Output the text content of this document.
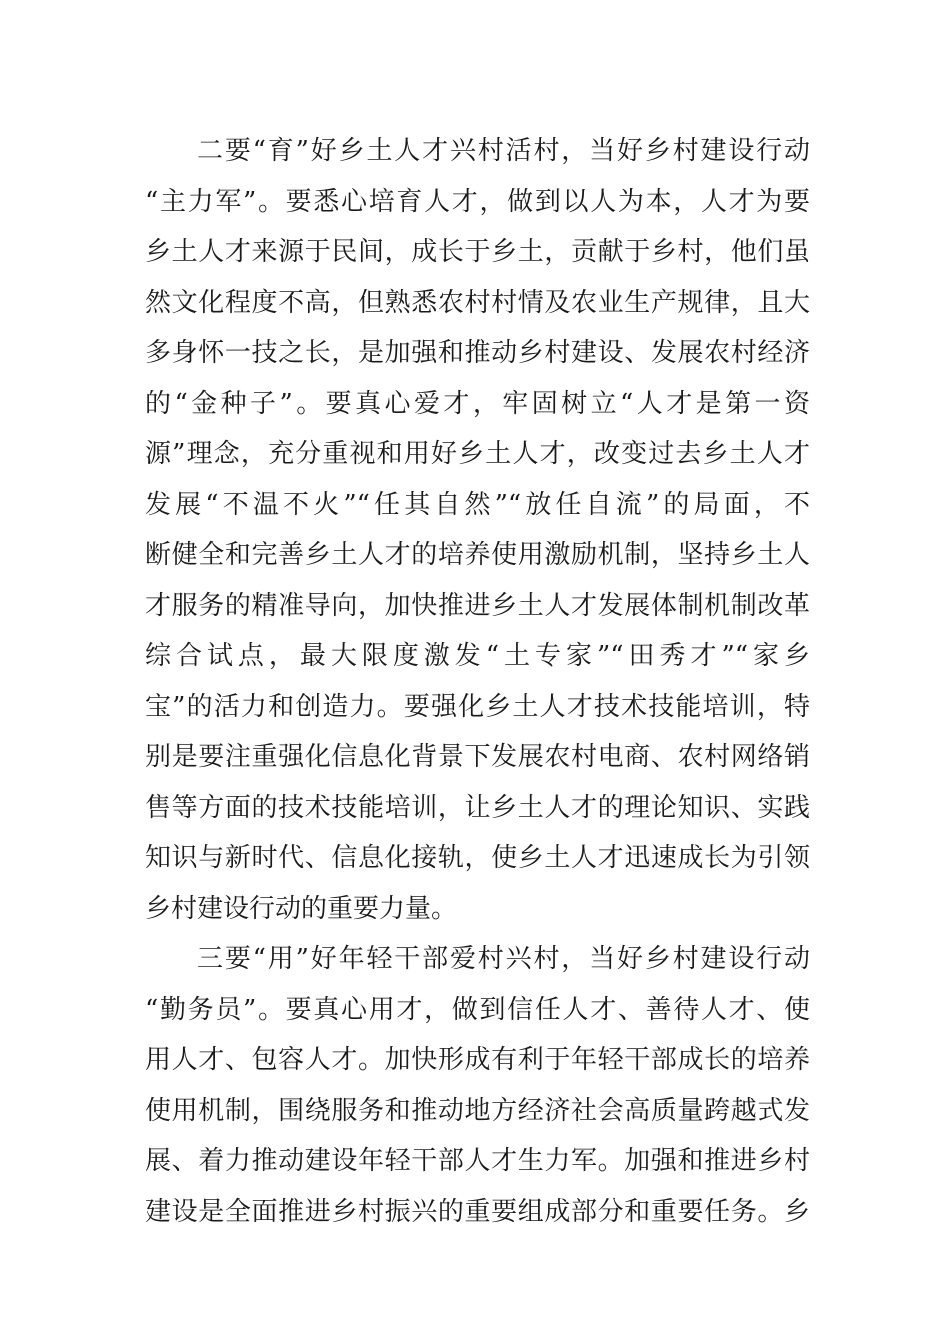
二要“育”好乡土人才兴村活村，当好乡村建设行动
“主力军”。要悉心培育人才，做到以人为本，人才为要
乡土人才来源于民间，成长于乡土，贡献于乡村，他们虽
然文化程度不高，但熟悉农村村情及农业生产规律，且大
多身怀一技之长，是加强和推动乡村建设、发展农村经济
的“金种子”。要真心爱才，牢固树立“人才是第一资
源”理念，充分重视和用好乡土人才，改变过去乡土人才
发展“不温不火”“任其自然”“放任自流”的局面，不
断健全和完善乡土人才的培养使用激励机制，坚持乡土人
才服务的精准导向，加快推进乡土人才发展体制机制改革
综合试点，最大限度激发“土专家”“田秀才”“家乡
宝”的活力和创造力。要强化乡土人才技术技能培训，特
别是要注重强化信息化背景下发展农村电商、农村网络销
售等方面的技术技能培训，让乡土人才的理论知识、实践
知识与新时代、信息化接轨，使乡土人才迅速成长为引领
乡村建设行动的重要力量。
三要“用”好年轻干部爱村兴村，当好乡村建设行动
“勤务员”。要真心用才，做到信任人才、善待人才、使
用人才、包容人才。加快形成有利于年轻干部成长的培养
使用机制，围绕服务和推动地方经济社会高质量跨越式发
展、着力推动建设年轻干部人才生力军。加强和推进乡村
建设是全面推进乡村振兴的重要组成部分和重要任务。乡
